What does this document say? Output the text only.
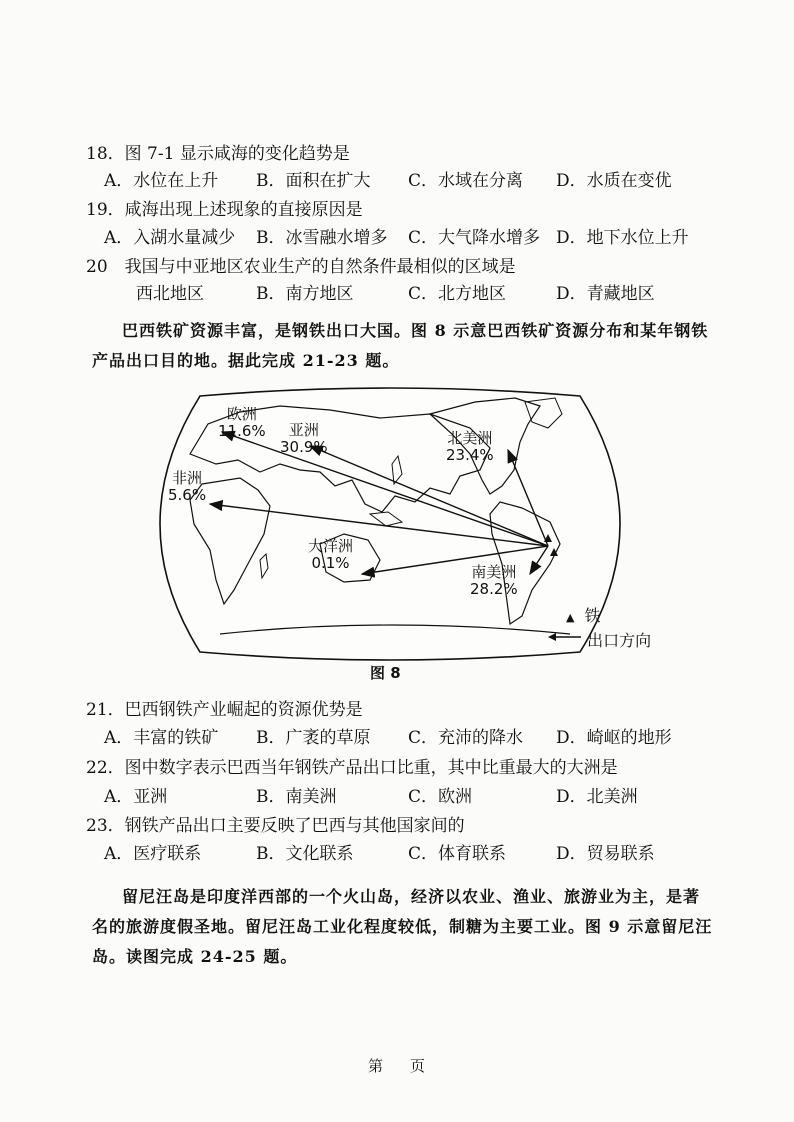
18．图 7-1 显示咸海的变化趋势是
A．水位在上升 B．面积在扩大 C．水域在分离 D．水质在变优
19．咸海出现上述现象的直接原因是
A．入湖水量减少 B．冰雪融水增多 C．大气降水增多 D．地下水位上升
20　我国与中亚地区农业生产的自然条件最相似的区域是
西北地区	B．南方地区	C．北方地区	D．青藏地区
巴西铁矿资源丰富，是钢铁出口大国。图 8 示意巴西铁矿资源分布和某年钢铁
产品出口目的地。据此完成 21-23 题。
欧洲
11.6%	亚洲
30.9%	北美洲
23.4%
非洲
5.6%
大洋洲
0.1%	南美洲
28.2%
▲ 铁
出口方向
图 8
21．巴西钢铁产业崛起的资源优势是
A．丰富的铁矿 B．广袤的草原 C．充沛的降水 D．崎岖的地形
22．图中数字表示巴西当年钢铁产品出口比重，其中比重最大的大洲是
A．亚洲	B．南美洲	C．欧洲	D．北美洲
23．钢铁产品出口主要反映了巴西与其他国家间的
A．医疗联系	B．文化联系	C．体育联系	D．贸易联系
留尼汪岛是印度洋西部的一个火山岛，经济以农业、渔业、旅游业为主，是著
名的旅游度假圣地。留尼汪岛工业化程度较低，制糖为主要工业。图 9 示意留尼汪
岛。读图完成 24-25 题。
第 页
